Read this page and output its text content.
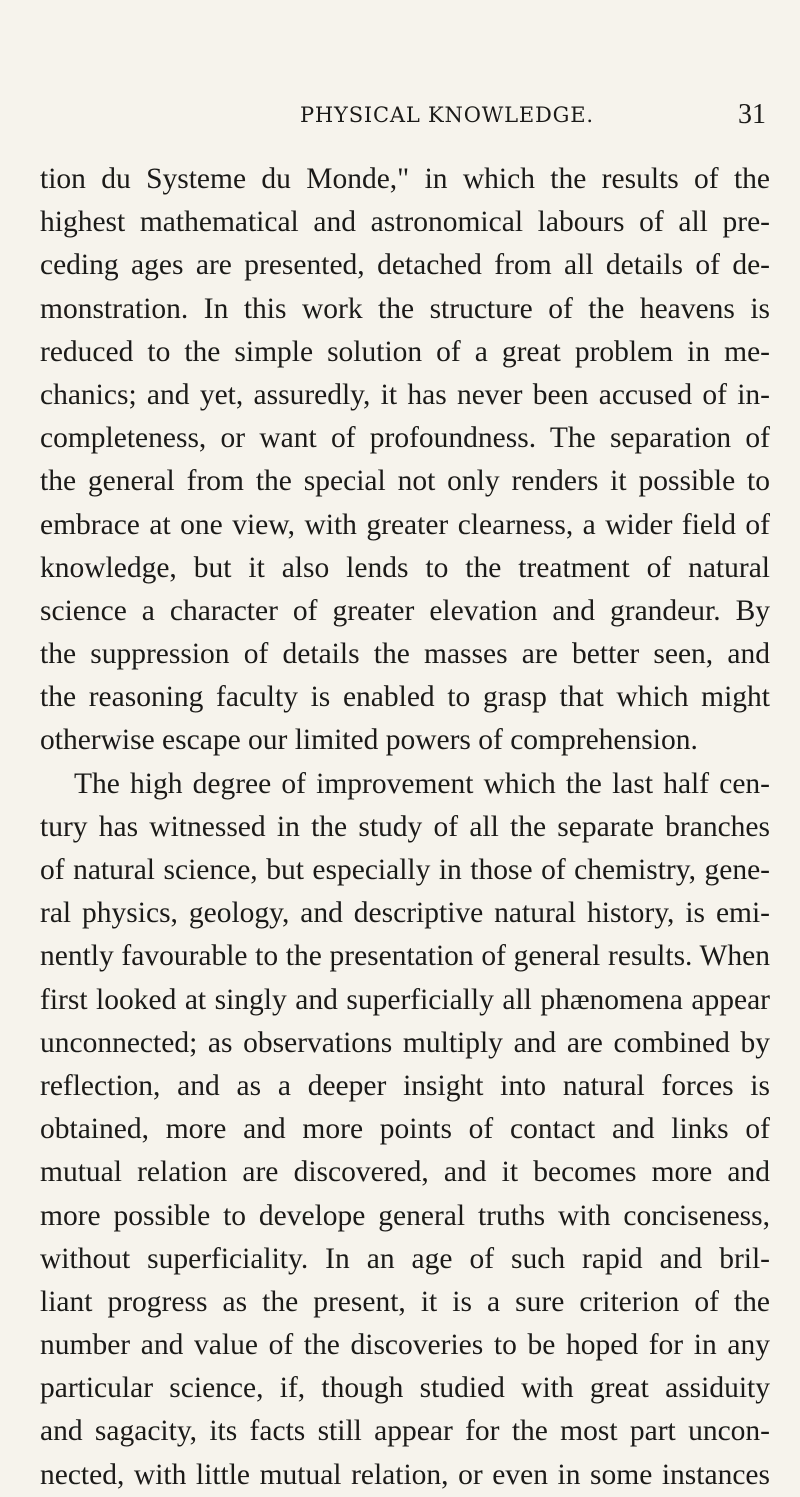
PHYSICAL KNOWLEDGE.	31
tion du Systeme du Monde," in which the results of the
highest mathematical and astronomical labours of all pre-
ceding ages are presented, detached from all details of de-
monstration. In this work the structure of the heavens is
reduced to the simple solution of a great problem in me-
chanics; and yet, assuredly, it has never been accused of in-
completeness, or want of profoundness. The separation of
the general from the special not only renders it possible to
embrace at one view, with greater clearness, a wider field of
knowledge, but it also lends to the treatment of natural
science a character of greater elevation and grandeur. By
the suppression of details the masses are better seen, and
the reasoning faculty is enabled to grasp that which might
otherwise escape our limited powers of comprehension.
The high degree of improvement which the last half cen-
tury has witnessed in the study of all the separate branches
of natural science, but especially in those of chemistry, gene-
ral physics, geology, and descriptive natural history, is emi-
nently favourable to the presentation of general results. When
first looked at singly and superficially all phænomena appear
unconnected; as observations multiply and are combined by
reflection, and as a deeper insight into natural forces is
obtained, more and more points of contact and links of
mutual relation are discovered, and it becomes more and
more possible to develope general truths with conciseness,
without superficiality. In an age of such rapid and bril-
liant progress as the present, it is a sure criterion of the
number and value of the discoveries to be hoped for in any
particular science, if, though studied with great assiduity
and sagacity, its facts still appear for the most part uncon-
nected, with little mutual relation, or even in some instances
